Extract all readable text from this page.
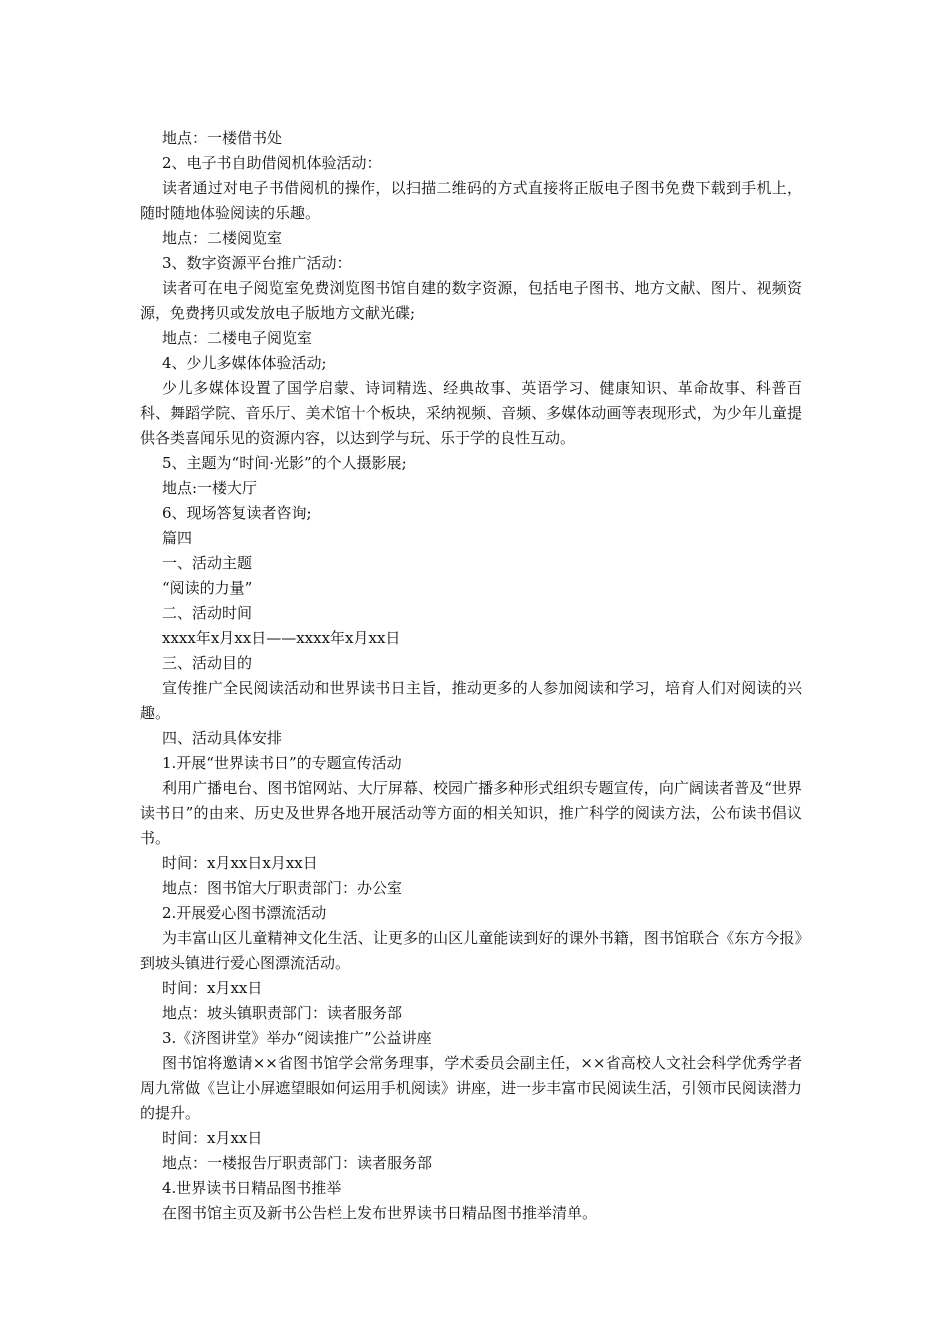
地点：一楼借书处

2、电子书自助借阅机体验活动：

读者通过对电子书借阅机的操作，以扫描二维码的方式直接将正版电子图书免费下载到手机上，随时随地体验阅读的乐趣。

地点：二楼阅览室

3、数字资源平台推广活动：

读者可在电子阅览室免费浏览图书馆自建的数字资源，包括电子图书、地方文献、图片、视频资源，免费拷贝或发放电子版地方文献光碟;

地点：二楼电子阅览室

4、少儿多媒体体验活动;

少儿多媒体设置了国学启蒙、诗词精选、经典故事、英语学习、健康知识、革命故事、科普百科、舞蹈学院、音乐厅、美术馆十个板块，采纳视频、音频、多媒体动画等表现形式，为少年儿童提供各类喜闻乐见的资源内容，以达到学与玩、乐于学的良性互动。

5、主题为“时间·光影”的个人摄影展;

地点:一楼大厅

6、现场答复读者咨询;

篇四

一、活动主题

“阅读的力量”

二、活动时间

xxxx年x月xx日——xxxx年x月xx日

三、活动目的

宣传推广全民阅读活动和世界读书日主旨，推动更多的人参加阅读和学习，培育人们对阅读的兴趣。

四、活动具体安排

1.开展“世界读书日”的专题宣传活动

利用广播电台、图书馆网站、大厅屏幕、校园广播多种形式组织专题宣传，向广阔读者普及“世界读书日”的由来、历史及世界各地开展活动等方面的相关知识，推广科学的阅读方法，公布读书倡议书。

时间：x月xx日x月xx日

地点：图书馆大厅职责部门：办公室

2.开展爱心图书漂流活动

为丰富山区儿童精神文化生活、让更多的山区儿童能读到好的课外书籍，图书馆联合《东方今报》到坡头镇进行爱心图漂流活动。

时间：x月xx日

地点：坡头镇职责部门：读者服务部

3.《济图讲堂》举办“阅读推广”公益讲座

图书馆将邀请××省图书馆学会常务理事，学术委员会副主任，××省高校人文社会科学优秀学者周九常做《岂让小屏遮望眼如何运用手机阅读》讲座，进一步丰富市民阅读生活，引领市民阅读潜力的提升。

时间：x月xx日

地点：一楼报告厅职责部门：读者服务部

4.世界读书日精品图书推举

在图书馆主页及新书公告栏上发布世界读书日精品图书推举清单。
